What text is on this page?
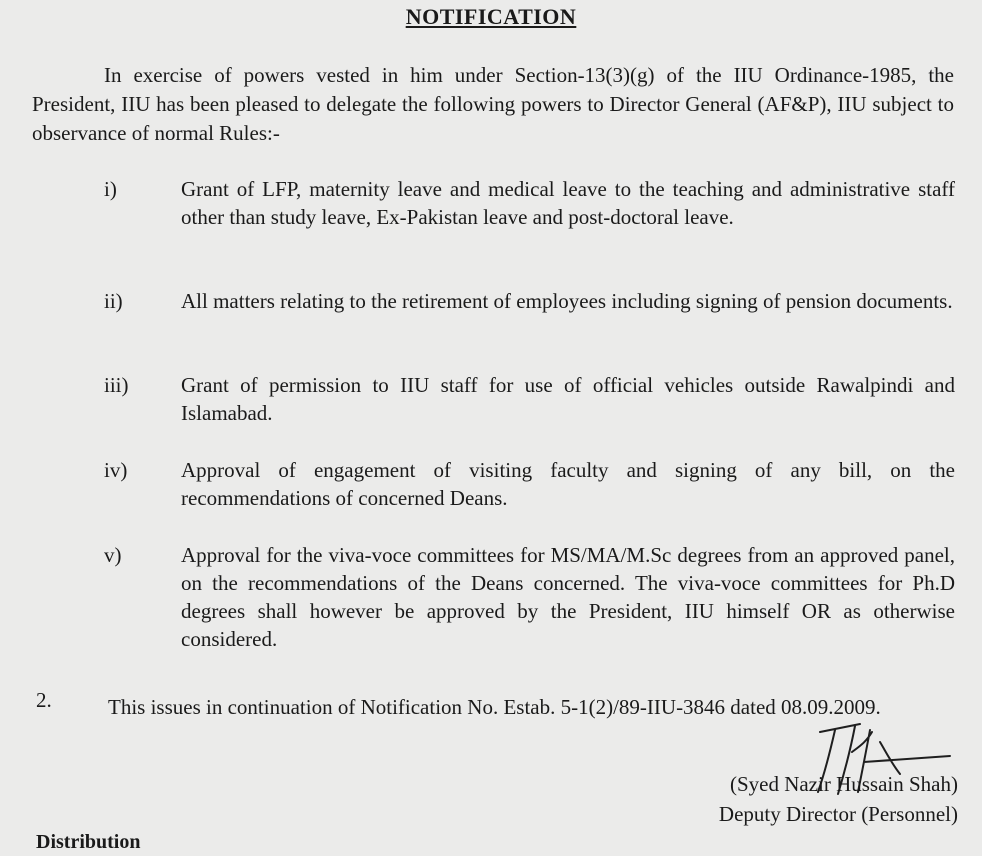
NOTIFICATION

In exercise of powers vested in him under Section-13(3)(g) of the IIU Ordinance-1985, the President, IIU has been pleased to delegate the following powers to Director General (AF&P), IIU subject to observance of normal Rules:-

i)	Grant of LFP, maternity leave and medical leave to the teaching and administrative staff other than study leave, Ex-Pakistan leave and post-doctoral leave.

ii)	All matters relating to the retirement of employees including signing of pension documents.

iii)	Grant of permission to IIU staff for use of official vehicles outside Rawalpindi and Islamabad.

iv)	Approval of engagement of visiting faculty and signing of any bill, on the recommendations of concerned Deans.

v)	Approval for the viva-voce committees for MS/MA/M.Sc degrees from an approved panel, on the recommendations of the Deans concerned. The viva-voce committees for Ph.D degrees shall however be approved by the President, IIU himself OR as otherwise considered.

2.	This issues in continuation of Notification No. Estab. 5-1(2)/89-IIU-3846 dated 08.09.2009.

(Syed Nazir Hussain Shah)
Deputy Director (Personnel)
Distribution
